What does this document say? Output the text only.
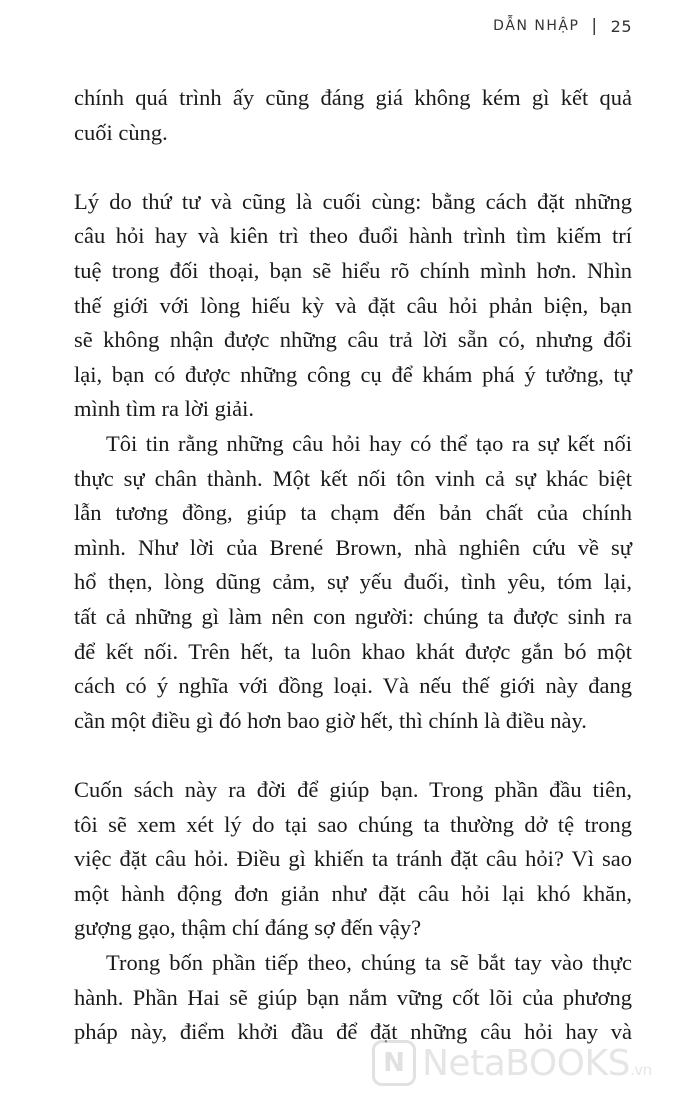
DẪN NHẬP | 25
chính quá trình ấy cũng đáng giá không kém gì kết quả
cuối cùng.
Lý do thứ tư và cũng là cuối cùng: bằng cách đặt những
câu hỏi hay và kiên trì theo đuổi hành trình tìm kiếm trí
tuệ trong đối thoại, bạn sẽ hiểu rõ chính mình hơn. Nhìn
thế giới với lòng hiếu kỳ và đặt câu hỏi phản biện, bạn
sẽ không nhận được những câu trả lời sẵn có, nhưng đổi
lại, bạn có được những công cụ để khám phá ý tưởng, tự
mình tìm ra lời giải.
Tôi tin rằng những câu hỏi hay có thể tạo ra sự kết nối
thực sự chân thành. Một kết nối tôn vinh cả sự khác biệt
lẫn tương đồng, giúp ta chạm đến bản chất của chính
mình. Như lời của Brené Brown, nhà nghiên cứu về sự
hổ thẹn, lòng dũng cảm, sự yếu đuối, tình yêu, tóm lại,
tất cả những gì làm nên con người: chúng ta được sinh ra
để kết nối. Trên hết, ta luôn khao khát được gắn bó một
cách có ý nghĩa với đồng loại. Và nếu thế giới này đang
cần một điều gì đó hơn bao giờ hết, thì chính là điều này.
Cuốn sách này ra đời để giúp bạn. Trong phần đầu tiên,
tôi sẽ xem xét lý do tại sao chúng ta thường dở tệ trong
việc đặt câu hỏi. Điều gì khiến ta tránh đặt câu hỏi? Vì sao
một hành động đơn giản như đặt câu hỏi lại khó khăn,
gượng gạo, thậm chí đáng sợ đến vậy?
Trong bốn phần tiếp theo, chúng ta sẽ bắt tay vào thực
hành. Phần Hai sẽ giúp bạn nắm vững cốt lõi của phương
pháp này, điểm khởi đầu để đặt những câu hỏi hay và
N NetaBOOKS.vn
